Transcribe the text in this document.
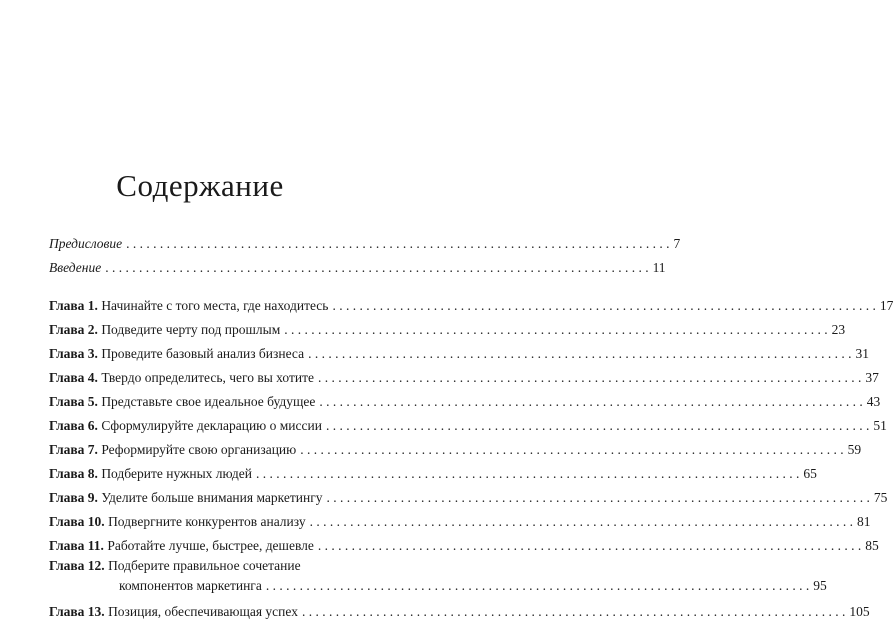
Содержание
Предисловие . . .	7
Введение . . .	11
Глава 1. Начинайте с того места, где находитесь . . .	17
Глава 2. Подведите черту под прошлым . . .	23
Глава 3. Проведите базовый анализ бизнеса . . .	31
Глава 4. Твердо определитесь, чего вы хотите . . .	37
Глава 5. Представьте свое идеальное будущее . . .	43
Глава 6. Сформулируйте декларацию о миссии . . .	51
Глава 7. Реформируйте свою организацию . . .	59
Глава 8. Подберите нужных людей . . .	65
Глава 9. Уделите больше внимания маркетингу . . .	75
Глава 10. Подвергните конкурентов анализу . . .	81
Глава 11. Работайте лучше, быстрее, дешевле . . .	85
Глава 12. Подберите правильное сочетание
компонентов маркетинга . . .	95
Глава 13. Позиция, обеспечивающая успех . . .	105
